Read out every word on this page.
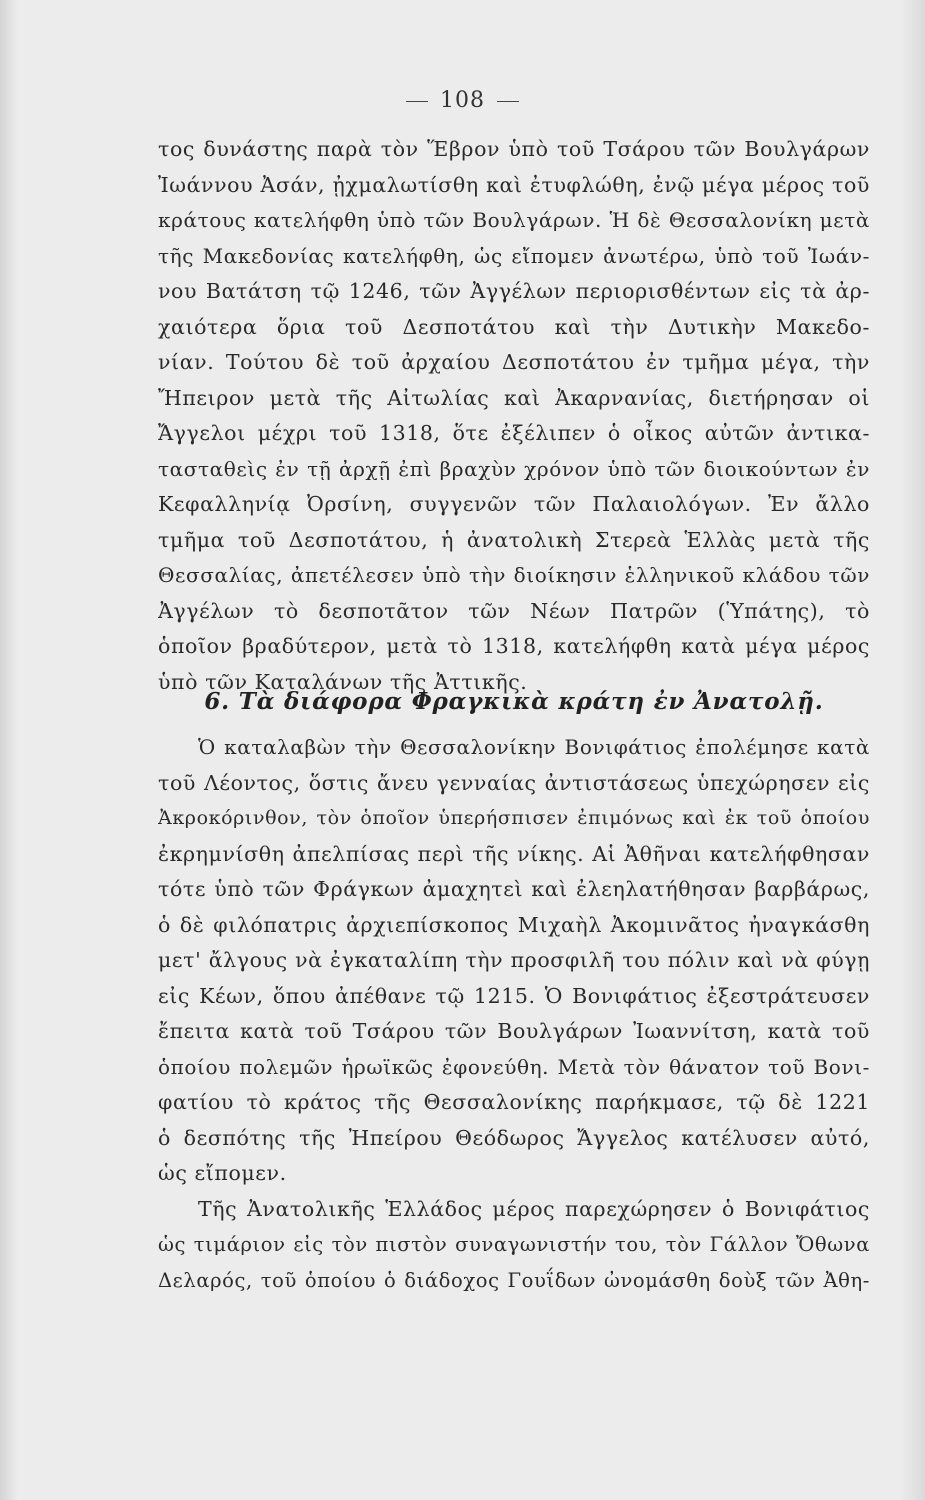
108
τος δυνάστης παρὰ τὸν Ἕβρον ὑπὸ τοῦ Τσάρου τῶν Βουλγάρων
Ἰωάννου Ἀσάν, ᾐχμαλωτίσθη καὶ ἐτυφλώθη, ἐνῷ μέγα μέρος τοῦ
κράτους κατελήφθη ὑπὸ τῶν Βουλγάρων. Ἡ δὲ Θεσσαλονίκη μετὰ
τῆς Μακεδονίας κατελήφθη, ὡς εἴπομεν ἀνωτέρω, ὑπὸ τοῦ Ἰωάν-
νου Βατάτση τῷ 1246, τῶν Ἀγγέλων περιορισθέντων εἰς τὰ ἀρ-
χαιότερα ὅρια τοῦ Δεσποτάτου καὶ τὴν Δυτικὴν Μακεδο-
νίαν. Τούτου δὲ τοῦ ἀρχαίου Δεσποτάτου ἐν τμῆμα μέγα, τὴν
Ἤπειρον μετὰ τῆς Αἰτωλίας καὶ Ἀκαρνανίας, διετήρησαν οἱ
Ἄγγελοι μέχρι τοῦ 1318, ὅτε ἐξέλιπεν ὁ οἶκος αὐτῶν ἀντικα-
τασταθεὶς ἐν τῇ ἀρχῇ ἐπὶ βραχὺν χρόνον ὑπὸ τῶν διοικούντων ἐν
Κεφαλληνίᾳ Ὀρσίνη, συγγενῶν τῶν Παλαιολόγων. Ἐν ἄλλο
τμῆμα τοῦ Δεσποτάτου, ἡ ἀνατολικὴ Στερεὰ Ἑλλὰς μετὰ τῆς
Θεσσαλίας, ἀπετέλεσεν ὑπὸ τὴν διοίκησιν ἑλληνικοῦ κλάδου τῶν
Ἀγγέλων τὸ δεσποτᾶτον τῶν Νέων Πατρῶν (Ὑπάτης), τὸ
ὁποῖον βραδύτερον, μετὰ τὸ 1318, κατελήφθη κατὰ μέγα μέρος
ὑπὸ τῶν Καταλάνων τῆς Ἀττικῆς.
6. Τὰ διάφορα Φραγκικὰ κράτη ἐν Ἀνατολῇ.
Ὁ καταλαβὼν τὴν Θεσσαλονίκην Βονιφάτιος ἐπολέμησε κατὰ
τοῦ Λέοντος, ὅστις ἄνευ γενναίας ἀντιστάσεως ὑπεχώρησεν εἰς
Ἀκροκόρινθον, τὸν ὁποῖον ὑπερήσπισεν ἐπιμόνως καὶ ἐκ τοῦ ὁποίου
ἐκρημνίσθη ἀπελπίσας περὶ τῆς νίκης. Αἱ Ἀθῆναι κατελήφθησαν
τότε ὑπὸ τῶν Φράγκων ἀμαχητεὶ καὶ ἐλεηλατήθησαν βαρβάρως,
ὁ δὲ φιλόπατρις ἀρχιεπίσκοπος Μιχαὴλ Ἀκομινᾶτος ἠναγκάσθη
μετ' ἄλγους νὰ ἐγκαταλίπη τὴν προσφιλῆ του πόλιν καὶ νὰ φύγῃ
εἰς Κέων, ὅπου ἀπέθανε τῷ 1215. Ὁ Βονιφάτιος ἐξεστράτευσεν
ἔπειτα κατὰ τοῦ Τσάρου τῶν Βουλγάρων Ἰωαννίτση, κατὰ τοῦ
ὁποίου πολεμῶν ἡρωϊκῶς ἐφονεύθη. Μετὰ τὸν θάνατον τοῦ Βονι-
φατίου τὸ κράτος τῆς Θεσσαλονίκης παρήκμασε, τῷ δὲ 1221
ὁ δεσπότης τῆς Ἠπείρου Θεόδωρος Ἄγγελος κατέλυσεν αὐτό,
ὡς εἴπομεν.
Τῆς Ἀνατολικῆς Ἑλλάδος μέρος παρεχώρησεν ὁ Βονιφάτιος
ὡς τιμάριον εἰς τὸν πιστὸν συναγωνιστήν του, τὸν Γάλλον Ὄθωνα
Δελαρός, τοῦ ὁποίου ὁ διάδοχος Γουΐδων ὠνομάσθη δοὺξ τῶν Ἀθη-
